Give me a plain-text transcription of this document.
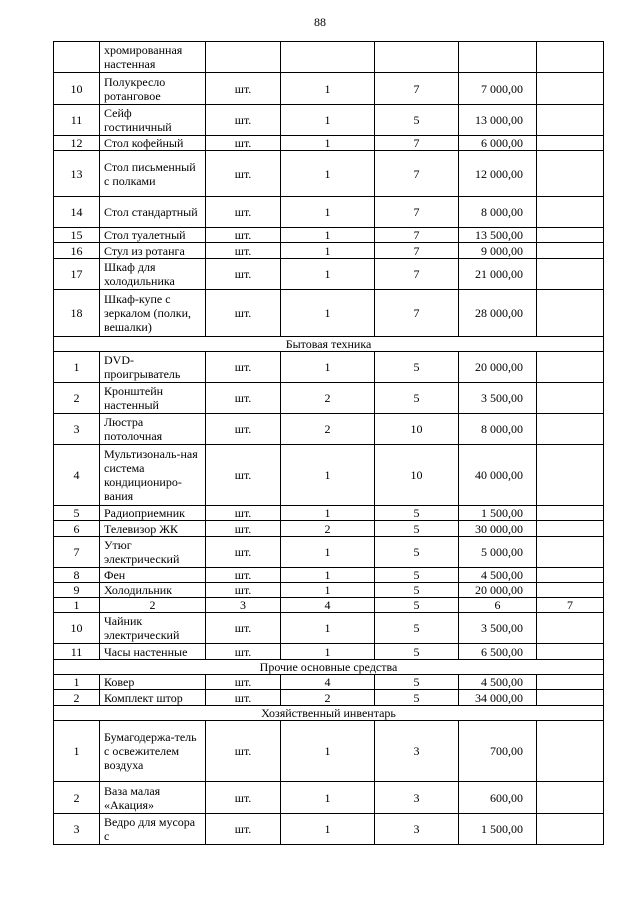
88
	хромированная настенная					
10	Полукресло ротанговое	шт.	1	7	7 000,00	
11	Сейф гостиничный	шт.	1	5	13 000,00	
12	Стол кофейный	шт.	1	7	6 000,00	
13	Стол письменный с полками	шт.	1	7	12 000,00	
14	Стол стандартный	шт.	1	7	8 000,00	
15	Стол туалетный	шт.	1	7	13 500,00	
16	Стул из ротанга	шт.	1	7	9 000,00	
17	Шкаф для холодильника	шт.	1	7	21 000,00	
18	Шкаф-купе с зеркалом (полки, вешалки)	шт.	1	7	28 000,00	
Бытовая техника						
1	DVD-проигрыватель	шт.	1	5	20 000,00	
2	Кронштейн настенный	шт.	2	5	3 500,00	
3	Люстра потолочная	шт.	2	10	8 000,00	
4	Мультизональ-ная система кондициониро-вания	шт.	1	10	40 000,00	
5	Радиоприемник	шт.	1	5	1 500,00	
6	Телевизор ЖК	шт.	2	5	30 000,00	
7	Утюг электрический	шт.	1	5	5 000,00	
8	Фен	шт.	1	5	4 500,00	
9	Холодильник	шт.	1	5	20 000,00	
1	2	3	4	5	6	7
10	Чайник электрический	шт.	1	5	3 500,00	
11	Часы настенные	шт.	1	5	6 500,00	
Прочие основные средства						
1	Ковер	шт.	4	5	4 500,00	
2	Комплект штор	шт.	2	5	34 000,00	
Хозяйственный инвентарь						
1	Бумагодержа-тель с освежителем воздуха	шт.	1	3	700,00	
2	Ваза малая «Акация»	шт.	1	3	600,00	
3	Ведро для мусора с	шт.	1	3	1 500,00	
